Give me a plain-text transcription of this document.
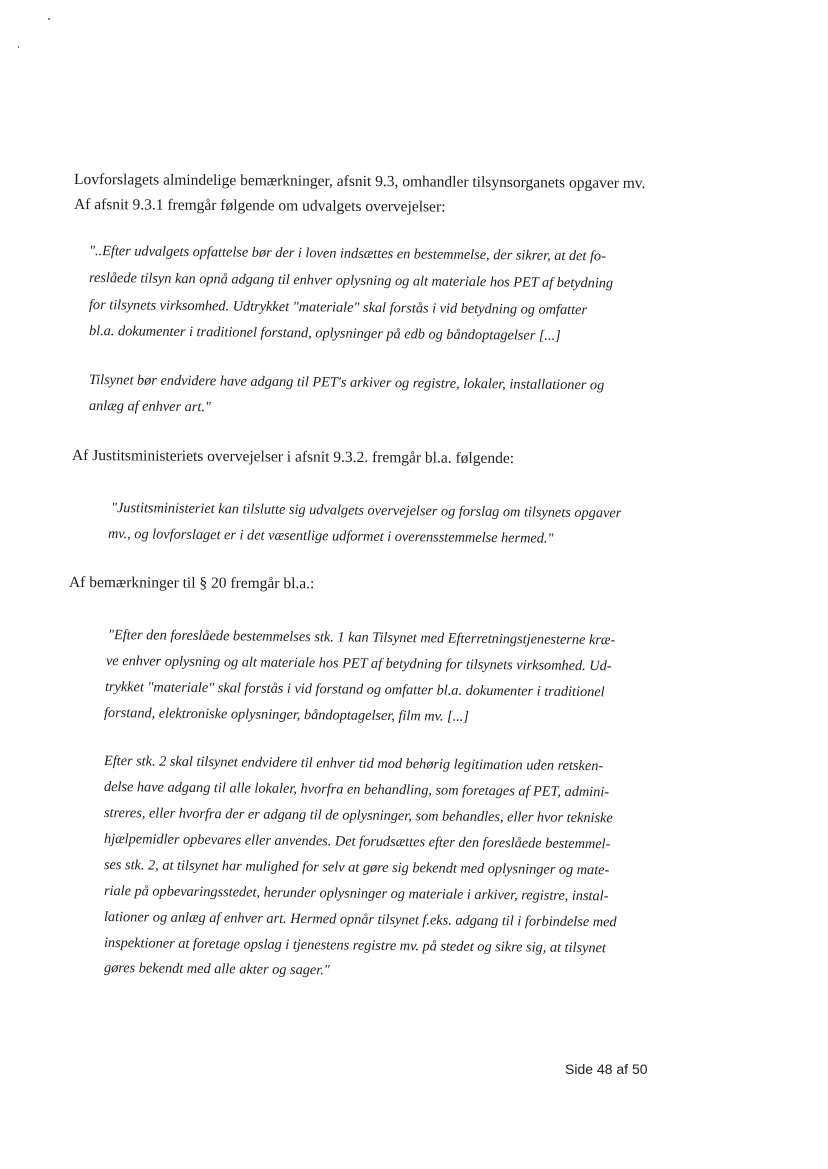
Lovforslagets almindelige bemærkninger, afsnit 9.3, omhandler tilsynsorganets opgaver mv.
Af afsnit 9.3.1 fremgår følgende om udvalgets overvejelser:
"..Efter udvalgets opfattelse bør der i loven indsættes en bestemmelse, der sikrer, at det fo-
reslåede tilsyn kan opnå adgang til enhver oplysning og alt materiale hos PET af betydning
for tilsynets virksomhed. Udtrykket "materiale" skal forstås i vid betydning og omfatter
bl.a. dokumenter i traditionel forstand, oplysninger på edb og båndoptagelser [...]
Tilsynet bør endvidere have adgang til PET's arkiver og registre, lokaler, installationer og
anlæg af enhver art."
Af Justitsministeriets overvejelser i afsnit 9.3.2. fremgår bl.a. følgende:
"Justitsministeriet kan tilslutte sig udvalgets overvejelser og forslag om tilsynets opgaver
mv., og lovforslaget er i det væsentlige udformet i overensstemmelse hermed."
Af bemærkninger til § 20 fremgår bl.a.:
"Efter den foreslåede bestemmelses stk. 1 kan Tilsynet med Efterretningstjenesterne kræ-
ve enhver oplysning og alt materiale hos PET af betydning for tilsynets virksomhed. Ud-
trykket "materiale" skal forstås i vid forstand og omfatter bl.a. dokumenter i traditionel
forstand, elektroniske oplysninger, båndoptagelser, film mv. [...]
Efter stk. 2 skal tilsynet endvidere til enhver tid mod behørig legitimation uden retsken-
delse have adgang til alle lokaler, hvorfra en behandling, som foretages af PET, admini-
streres, eller hvorfra der er adgang til de oplysninger, som behandles, eller hvor tekniske
hjælpemidler opbevares eller anvendes. Det forudsættes efter den foreslåede bestemmel-
ses stk. 2, at tilsynet har mulighed for selv at gøre sig bekendt med oplysninger og mate-
riale på opbevaringsstedet, herunder oplysninger og materiale i arkiver, registre, instal-
lationer og anlæg af enhver art. Hermed opnår tilsynet f.eks. adgang til i forbindelse med
inspektioner at foretage opslag i tjenestens registre mv. på stedet og sikre sig, at tilsynet
gøres bekendt med alle akter og sager."
Side 48 af 50
